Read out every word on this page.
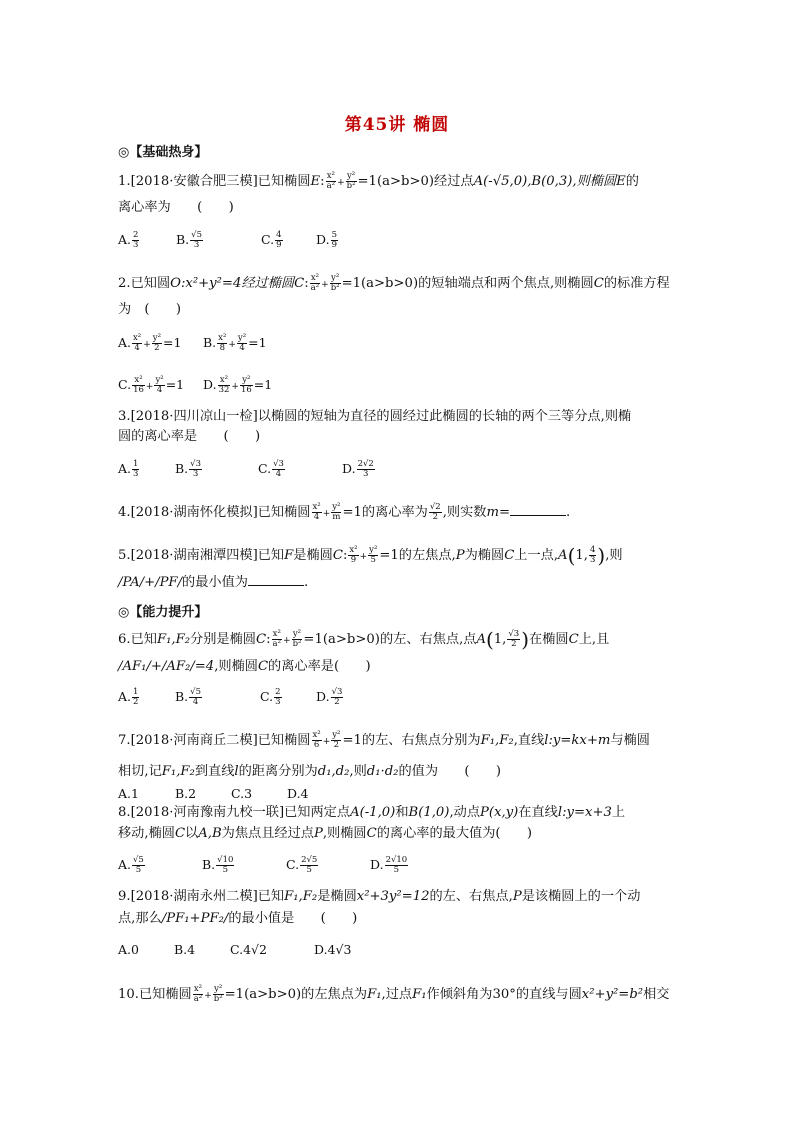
第45讲 椭圆
◎【基础热身】
1.[2018·安徽合肥三模]已知椭圆E: $\frac{\text{x²}}{\text{a²}} + \frac{\text{y²}}{\text{b²}} =1(a>b>0)$经过点A(-√5,0),B(0,3),则椭圆E的
离心率为　　(　　)
A. $\frac{2}{3}$	B. $\frac{√5}{3}$	C. $\frac{4}{9}$	D. $\frac{5}{9}$
2.已知圆O:x²+y²=4经过椭圆C: $\frac{\text{x²}}{\text{a²}} + \frac{\text{y²}}{\text{b²}} =1(a>b>0)$的短轴端点和两个焦点,则椭圆C的标准方程
为　(　　)
A. $\frac{\text{x²}}{4} + \frac{\text{y²}}{2} =1$ B. $\frac{\text{x²}}{8} + \frac{\text{y²}}{4} =1$
C. $\frac{\text{x²}}{16} + \frac{\text{y²}}{4} =1$ D. $\frac{\text{x²}}{32} + \frac{\text{y²}}{16} =1$
3.[2018·四川凉山一检]以椭圆的短轴为直径的圆经过此椭圆的长轴的两个三等分点,则椭
圆的离心率是　　(　　)
A. $\frac{1}{3}$	B. $\frac{√3}{3}$	C. $\frac{√3}{4}$	D. $\frac{2√2}{3}$
4.[2018·湖南怀化模拟]已知椭圆 $\frac{\text{x²}}{4} + \frac{\text{y²}}{m} =1$的离心率为 $\frac{√2}{2}$ ,则实数m=	.
5.[2018·湖南湘潭四模]已知F是椭圆C: $\frac{\text{x²}}{9} + \frac{\text{y²}}{5} =1$的左焦点,P为椭圆C上一点,A(1, $\frac{4}{3}$ ),则
/PA/+/PF/的最小值为	.
◎【能力提升】
6.已知F₁,F₂分别是椭圆C: $\frac{\text{x²}}{\text{a²}} + \frac{\text{y²}}{\text{b²}} =1(a>b>0)$的左、右焦点,点A(1, $\frac{√3}{2}$ )在椭圆C上,且
/AF₁/+/AF₂/=4,则椭圆C的离心率是(　　)
A. $\frac{1}{2}$	B. $\frac{√5}{4}$	C. $\frac{2}{3}$	D. $\frac{√3}{2}$
7.[2018·河南商丘二模]已知椭圆 $\frac{\text{x²}}{6} + \frac{\text{y²}}{2} =1$的左、右焦点分别为F₁,F₂,直线l:y=kx+m与椭圆
相切,记F₁,F₂到直线l的距离分别为d₁,d₂,则d₁·d₂的值为　　(　　)
A.1	B.2	C.3	D.4
8.[2018·河南豫南九校一联]已知两定点A(-1,0)和B(1,0),动点P(x,y)在直线l:y=x+3上
移动,椭圆C以A,B为焦点且经过点P,则椭圆C的离心率的最大值为(　　)
A. $\frac{√5}{5}$	B. $\frac{√10}{5}$	C. $\frac{2√5}{5}$	D. $\frac{2√10}{5}$
9.[2018·湖南永州二模]已知F₁,F₂是椭圆x²+3y²=12的左、右焦点,P是该椭圆上的一个动
点,那么/PF₁+PF₂/的最小值是　　(　　)
A.0	B.4	C.4√2	D.4√3
10.已知椭圆 $\frac{\text{x²}}{\text{a²}} + \frac{\text{y²}}{\text{b²}} =1(a>b>0)$的左焦点为F₁,过点F₁作倾斜角为30°的直线与圆x²+y²=b²相交
